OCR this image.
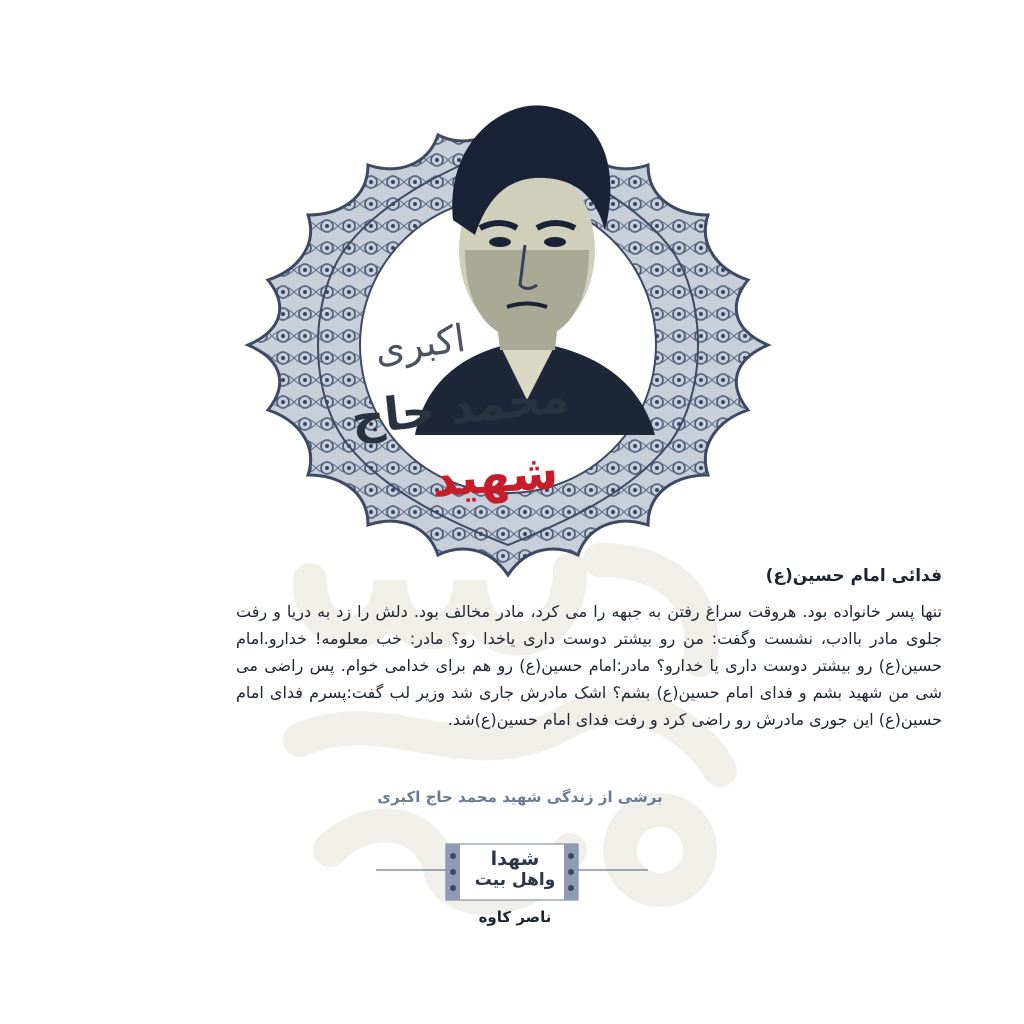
اکبری
محمد حاج
شهید
فدائی امام حسین(ع)

تنها پسر خانواده بود. هروقت سراغ رفتن به جبهه را می کرد، مادر مخالف بود. دلش را زد به دریا و رفت جلوی مادر باادب، نشست وگفت: من رو بیشتر دوست داری یاخدا رو؟ مادر: خب معلومه! خدارو.امام حسین(ع) رو بیشتر دوست داری یا خدارو؟ مادر:امام حسین(ع) رو هم برای خدامی خوام. پس راضی می شی من شهید بشم و فدای امام حسین(ع) بشم؟ اشک مادرش جاری شد وزیر لب گفت:پسرم فدای امام حسین(ع) این جوری مادرش رو راضی کرد و رفت فدای امام حسین(ع)شد.

برشی از زندگی شهید محمد حاج اکبری
شهدا
واهل بیت
ناصر کاوه
